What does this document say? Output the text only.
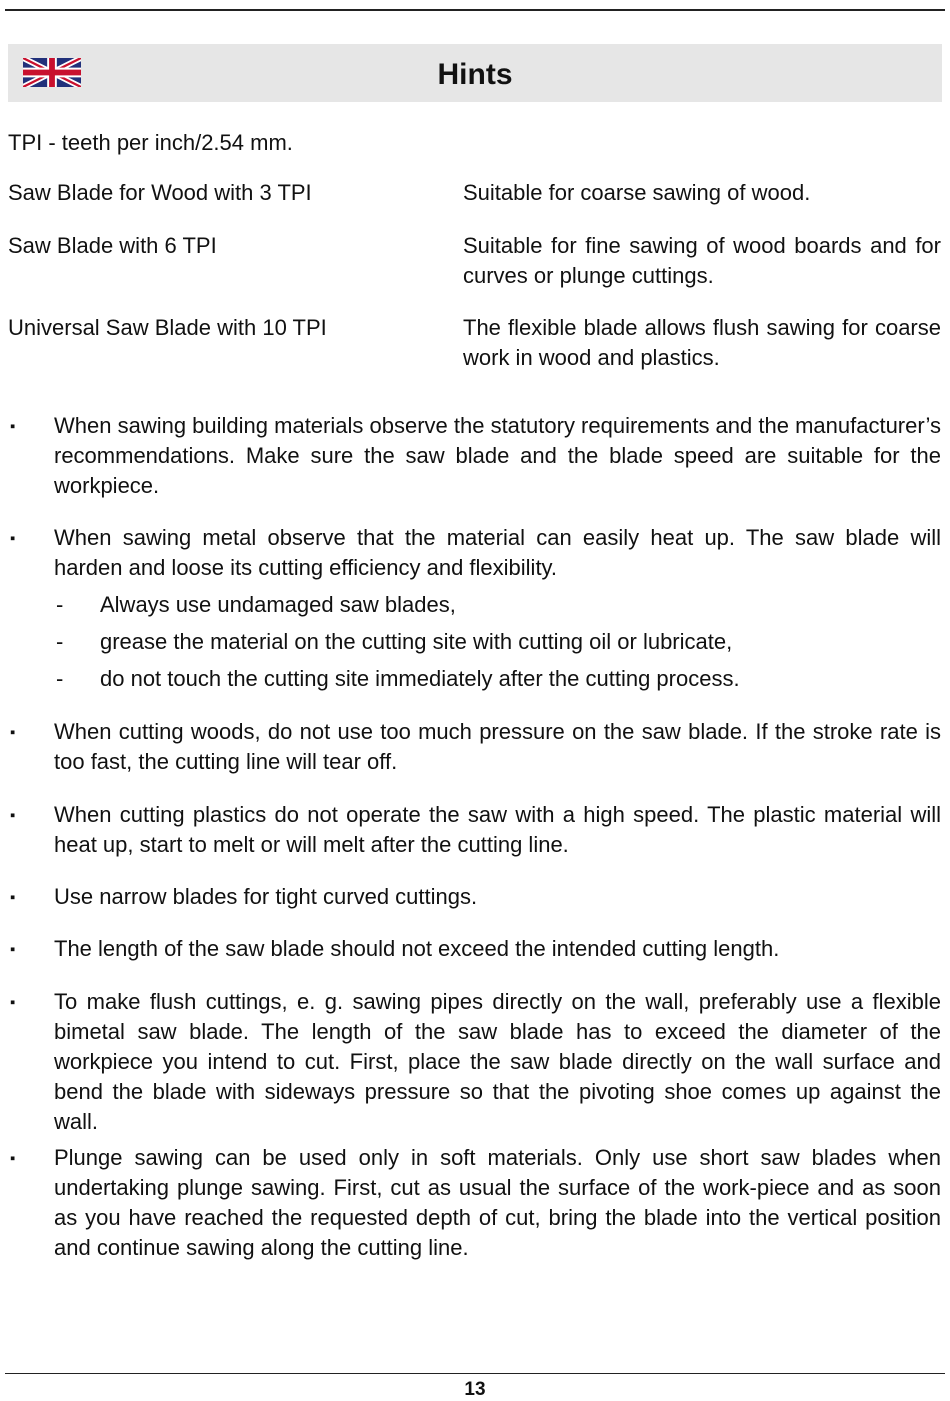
Hints
TPI - teeth per inch/2.54 mm.
Saw Blade for Wood with 3 TPI	Suitable for coarse sawing of wood.
Saw Blade with 6 TPI	Suitable for fine sawing of wood boards and for curves or plunge cuttings.
Universal Saw Blade with 10 TPI	The flexible blade allows flush sawing for coarse work in wood and plastics.
▪ When sawing building materials observe the statutory requirements and the manufacturer’s recommendations. Make sure the saw blade and the blade speed are suitable for the workpiece.
▪ When sawing metal observe that the material can easily heat up. The saw blade will harden and loose its cutting efficiency and flexibility.
- Always use undamaged saw blades,
- grease the material on the cutting site with cutting oil or lubricate,
- do not touch the cutting site immediately after the cutting process.
▪ When cutting woods, do not use too much pressure on the saw blade. If the stroke rate is too fast, the cutting line will tear off.
▪ When cutting plastics do not operate the saw with a high speed. The plastic material will heat up, start to melt or will melt after the cutting line.
▪ Use narrow blades for tight curved cuttings.
▪ The length of the saw blade should not exceed the intended cutting length.
▪ To make flush cuttings, e. g. sawing pipes directly on the wall, preferably use a flexible bimetal saw blade. The length of the saw blade has to exceed the diameter of the workpiece you intend to cut. First, place the saw blade directly on the wall surface and bend the blade with sideways pressure so that the pivoting shoe comes up against the wall.
▪ Plunge sawing can be used only in soft materials. Only use short saw blades when undertaking plunge sawing. First, cut as usual the surface of the work-piece and as soon as you have reached the requested depth of cut, bring the blade into the vertical position and continue sawing along the cutting line.
13
